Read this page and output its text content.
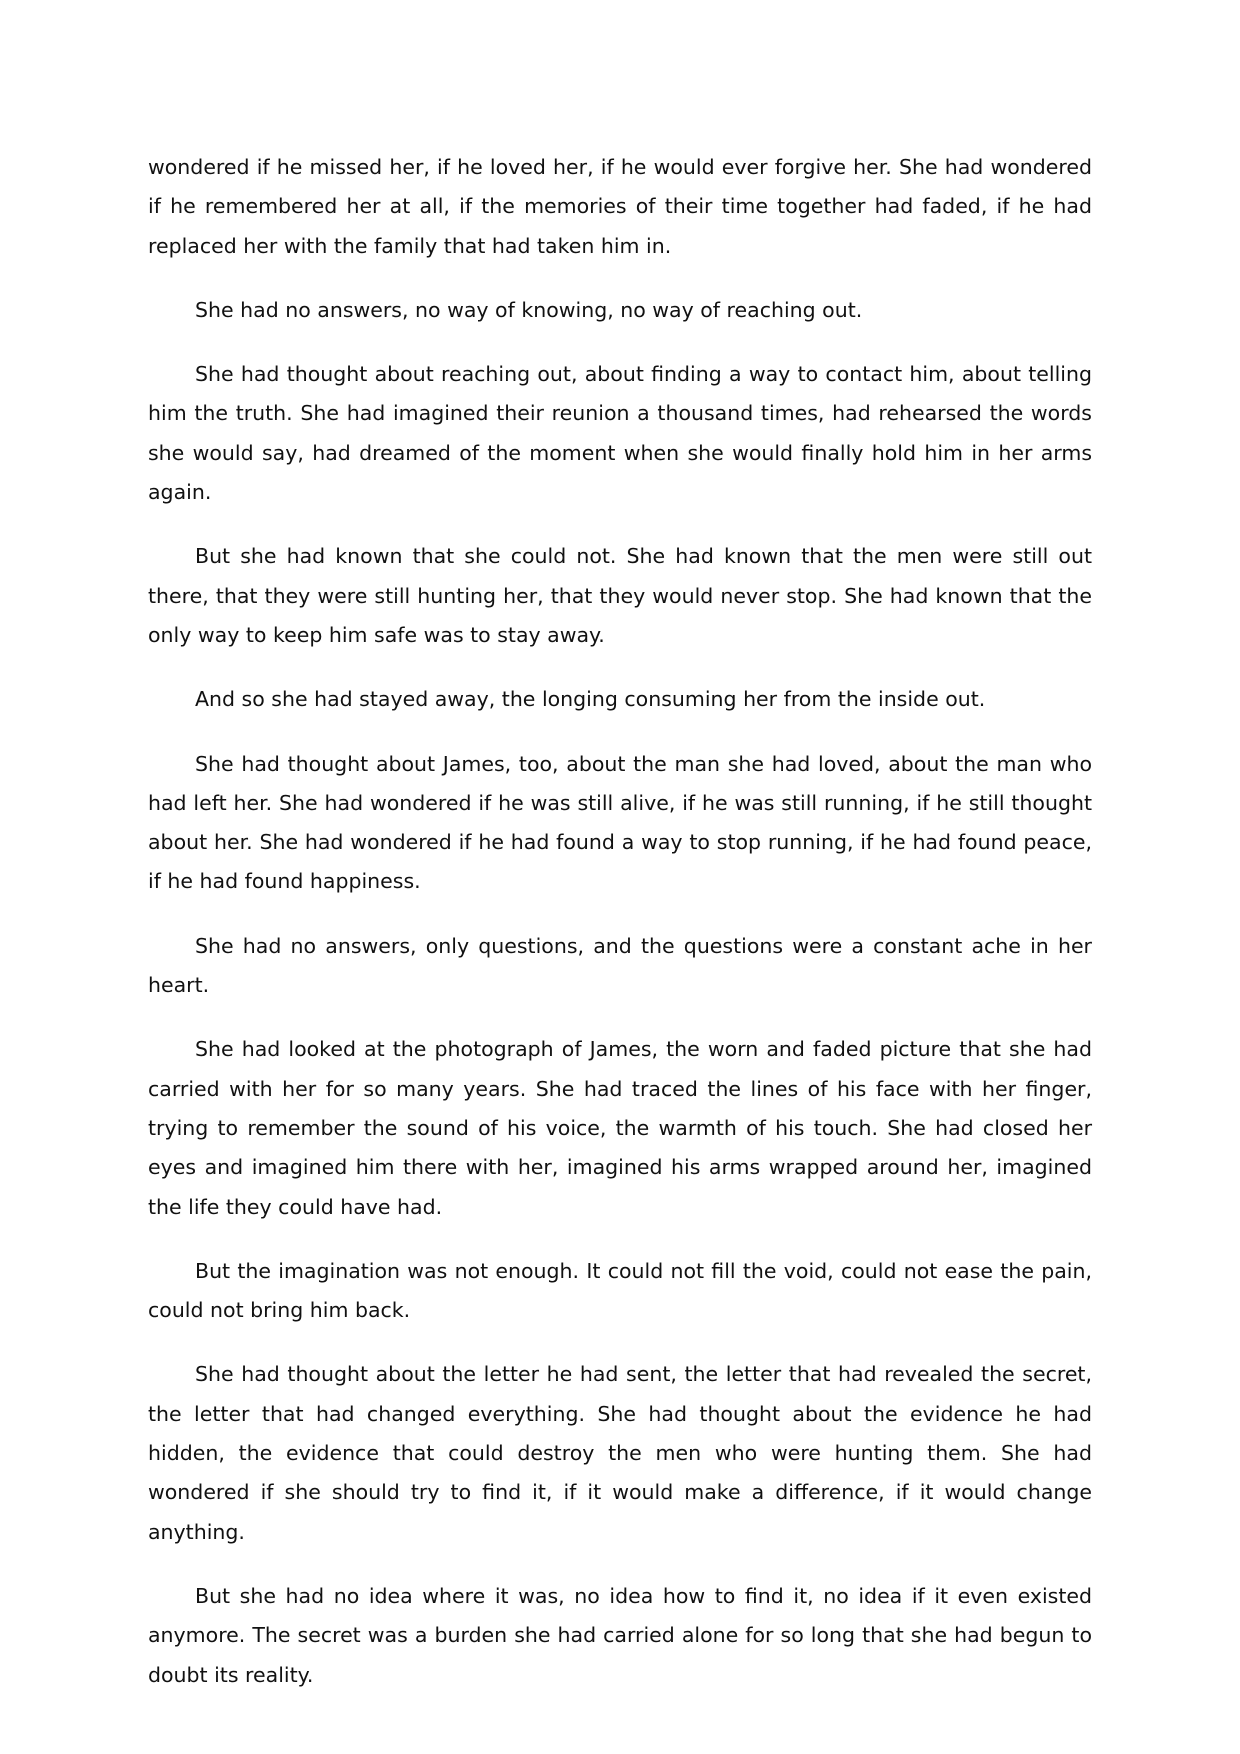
wondered if he missed her, if he loved her, if he would ever forgive her. She had wondered if he remembered her at all, if the memories of their time together had faded, if he had replaced her with the family that had taken him in.

She had no answers, no way of knowing, no way of reaching out.

She had thought about reaching out, about finding a way to contact him, about telling him the truth. She had imagined their reunion a thousand times, had rehearsed the words she would say, had dreamed of the moment when she would finally hold him in her arms again.

But she had known that she could not. She had known that the men were still out there, that they were still hunting her, that they would never stop. She had known that the only way to keep him safe was to stay away.

And so she had stayed away, the longing consuming her from the inside out.

She had thought about James, too, about the man she had loved, about the man who had left her. She had wondered if he was still alive, if he was still running, if he still thought about her. She had wondered if he had found a way to stop running, if he had found peace, if he had found happiness.

She had no answers, only questions, and the questions were a constant ache in her heart.

She had looked at the photograph of James, the worn and faded picture that she had carried with her for so many years. She had traced the lines of his face with her finger, trying to remember the sound of his voice, the warmth of his touch. She had closed her eyes and imagined him there with her, imagined his arms wrapped around her, imagined the life they could have had.

But the imagination was not enough. It could not fill the void, could not ease the pain, could not bring him back.

She had thought about the letter he had sent, the letter that had revealed the secret, the letter that had changed everything. She had thought about the evidence he had hidden, the evidence that could destroy the men who were hunting them. She had wondered if she should try to find it, if it would make a difference, if it would change anything.

But she had no idea where it was, no idea how to find it, no idea if it even existed anymore. The secret was a burden she had carried alone for so long that she had begun to doubt its reality.
